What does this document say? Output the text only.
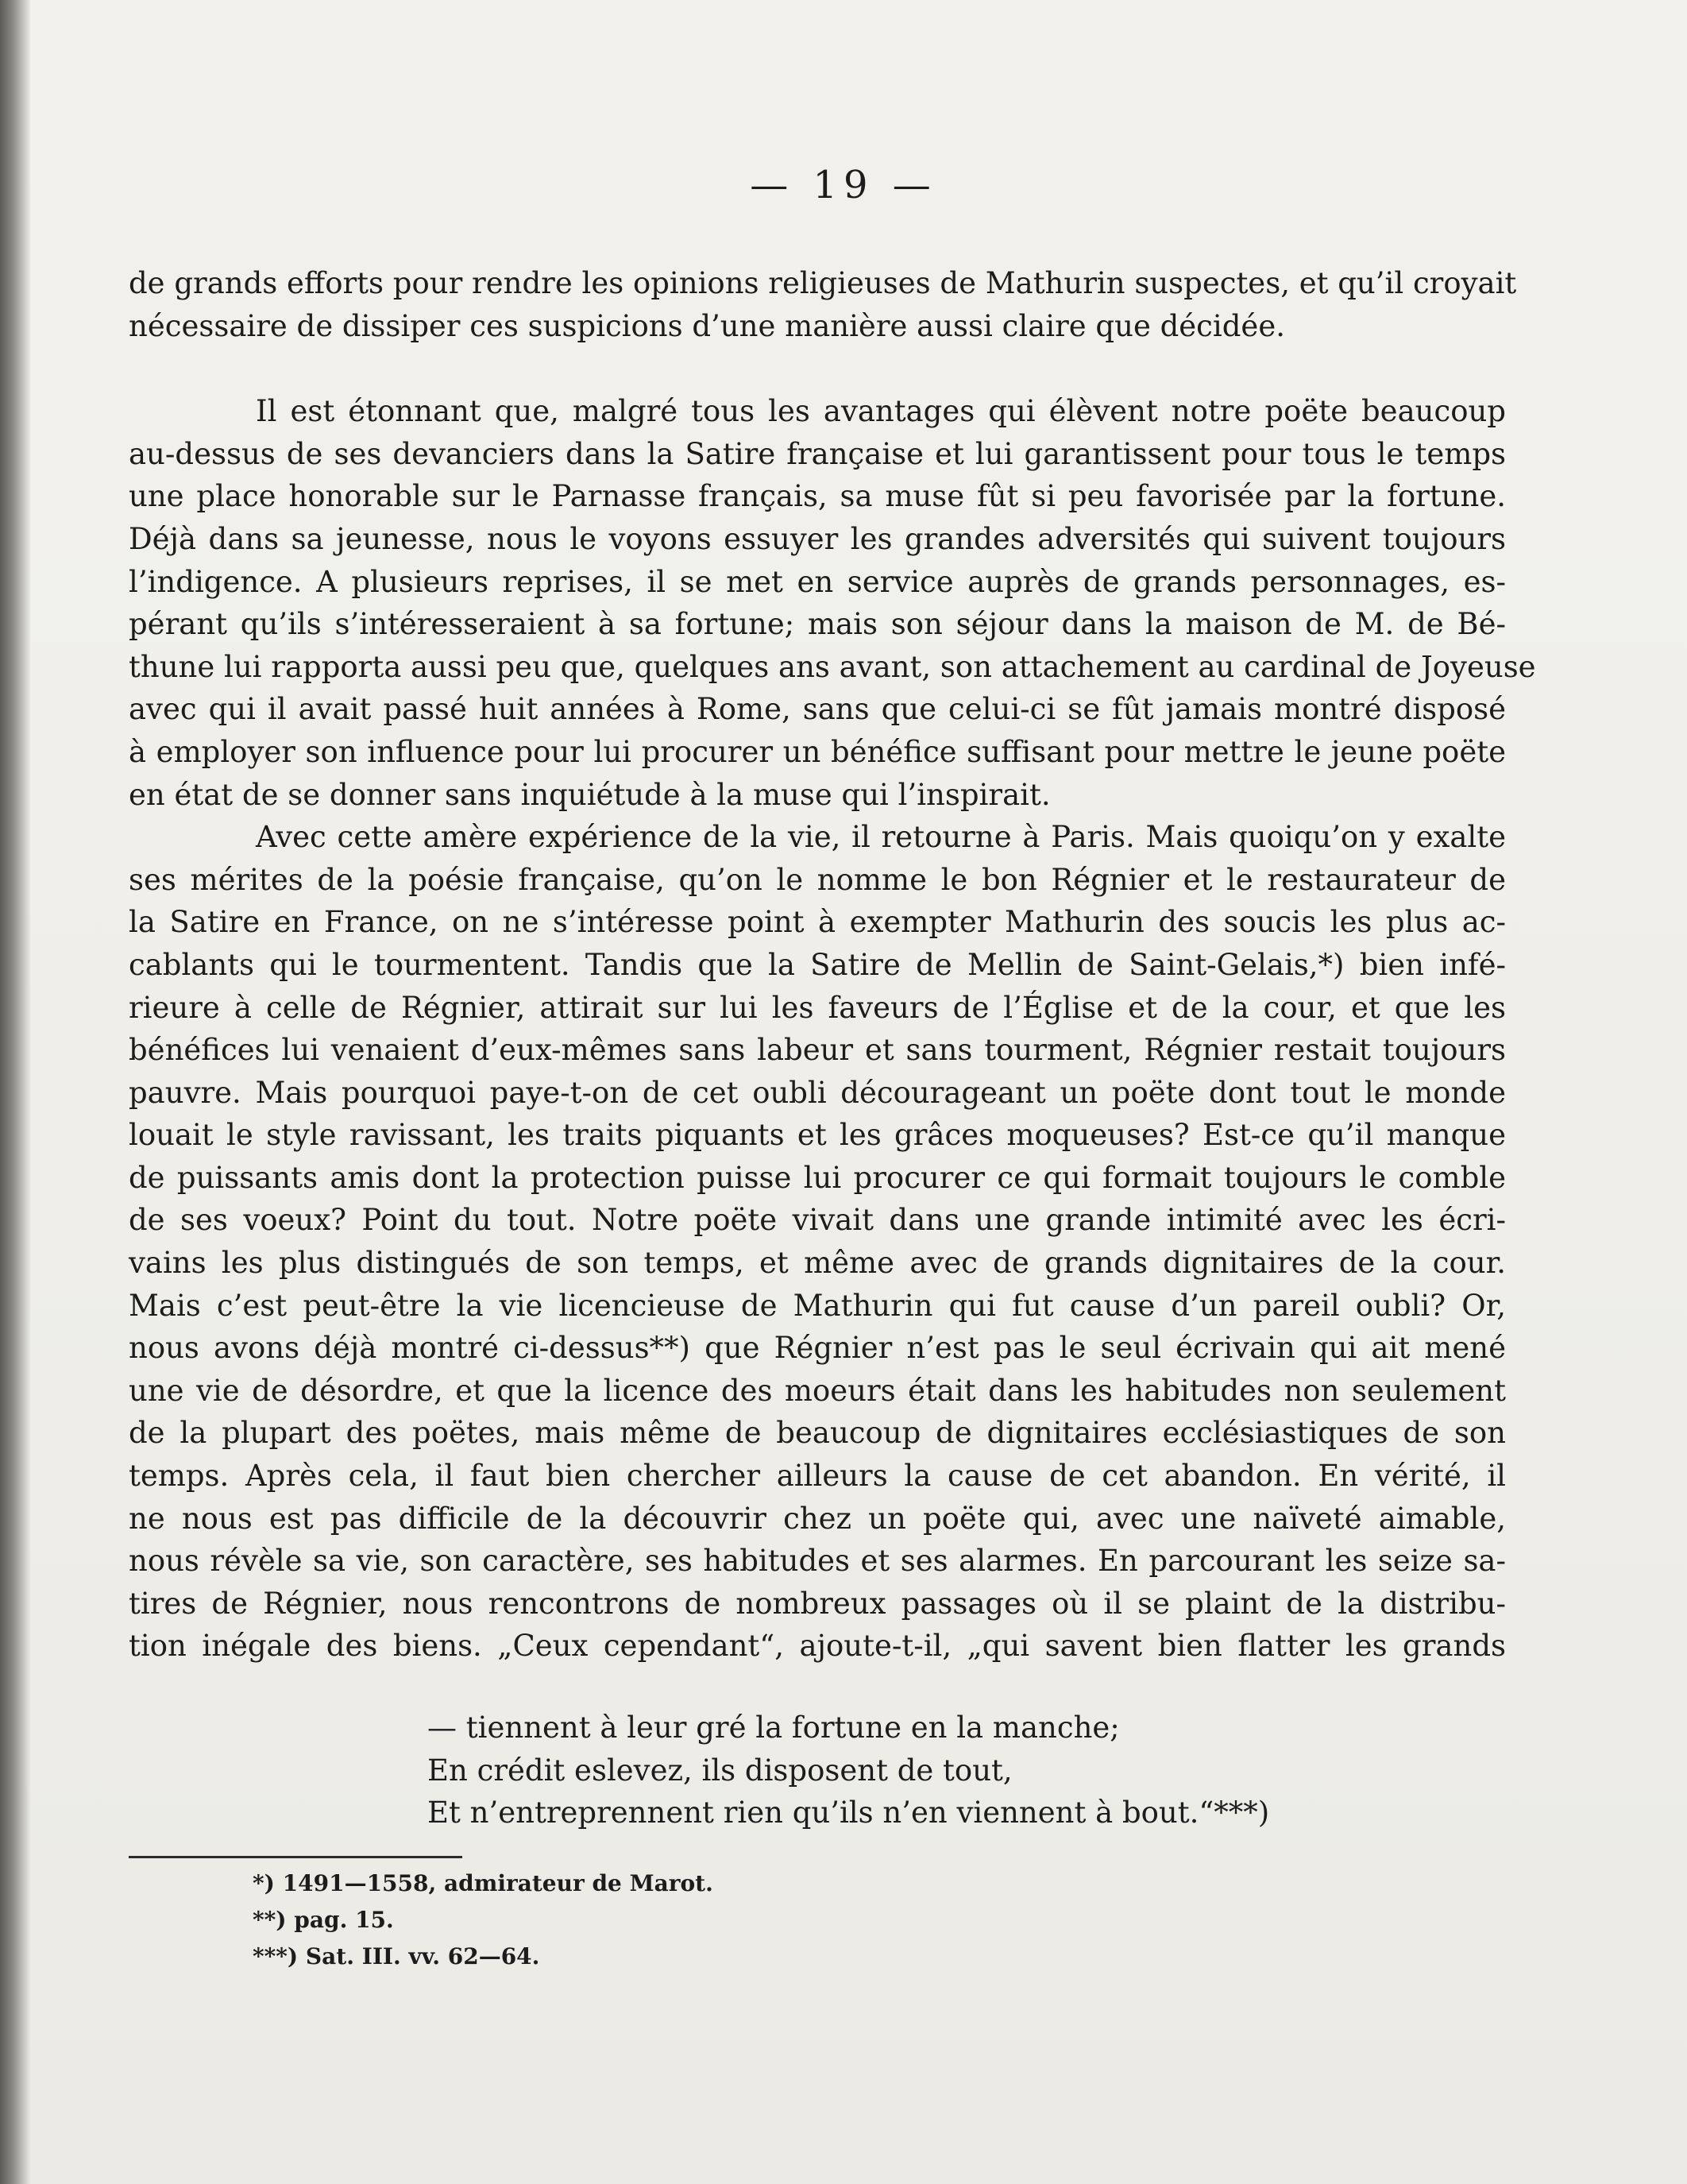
— 19 —
de grands efforts pour rendre les opinions religieuses de Mathurin suspectes, et qu’il croyait
nécessaire de dissiper ces suspicions d’une manière aussi claire que décidée.
Il est étonnant que, malgré tous les avantages qui élèvent notre poëte beaucoup
au-dessus de ses devanciers dans la Satire française et lui garantissent pour tous le temps
une place honorable sur le Parnasse français, sa muse fût si peu favorisée par la fortune.
Déjà dans sa jeunesse, nous le voyons essuyer les grandes adversités qui suivent toujours
l’indigence. A plusieurs reprises, il se met en service auprès de grands personnages, es-
pérant qu’ils s’intéresseraient à sa fortune; mais son séjour dans la maison de M. de Bé-
thune lui rapporta aussi peu que, quelques ans avant, son attachement au cardinal de Joyeuse
avec qui il avait passé huit années à Rome, sans que celui-ci se fût jamais montré disposé
à employer son influence pour lui procurer un bénéfice suffisant pour mettre le jeune poëte
en état de se donner sans inquiétude à la muse qui l’inspirait.
Avec cette amère expérience de la vie, il retourne à Paris. Mais quoiqu’on y exalte
ses mérites de la poésie française, qu’on le nomme le bon Régnier et le restaurateur de
la Satire en France, on ne s’intéresse point à exempter Mathurin des soucis les plus ac-
cablants qui le tourmentent. Tandis que la Satire de Mellin de Saint-Gelais,*) bien infé-
rieure à celle de Régnier, attirait sur lui les faveurs de l’Église et de la cour, et que les
bénéfices lui venaient d’eux-mêmes sans labeur et sans tourment, Régnier restait toujours
pauvre. Mais pourquoi paye-t-on de cet oubli décourageant un poëte dont tout le monde
louait le style ravissant, les traits piquants et les grâces moqueuses? Est-ce qu’il manque
de puissants amis dont la protection puisse lui procurer ce qui formait toujours le comble
de ses voeux? Point du tout. Notre poëte vivait dans une grande intimité avec les écri-
vains les plus distingués de son temps, et même avec de grands dignitaires de la cour.
Mais c’est peut-être la vie licencieuse de Mathurin qui fut cause d’un pareil oubli? Or,
nous avons déjà montré ci-dessus**) que Régnier n’est pas le seul écrivain qui ait mené
une vie de désordre, et que la licence des moeurs était dans les habitudes non seulement
de la plupart des poëtes, mais même de beaucoup de dignitaires ecclésiastiques de son
temps. Après cela, il faut bien chercher ailleurs la cause de cet abandon. En vérité, il
ne nous est pas difficile de la découvrir chez un poëte qui, avec une naïveté aimable,
nous révèle sa vie, son caractère, ses habitudes et ses alarmes. En parcourant les seize sa-
tires de Régnier, nous rencontrons de nombreux passages où il se plaint de la distribu-
tion inégale des biens. „Ceux cependant“, ajoute-t-il, „qui savent bien flatter les grands
— tiennent à leur gré la fortune en la manche;
En crédit eslevez, ils disposent de tout,
Et n’entreprennent rien qu’ils n’en viennent à bout.“***)
*) 1491—1558, admirateur de Marot.
**) pag. 15.
***) Sat. III. vv. 62—64.
